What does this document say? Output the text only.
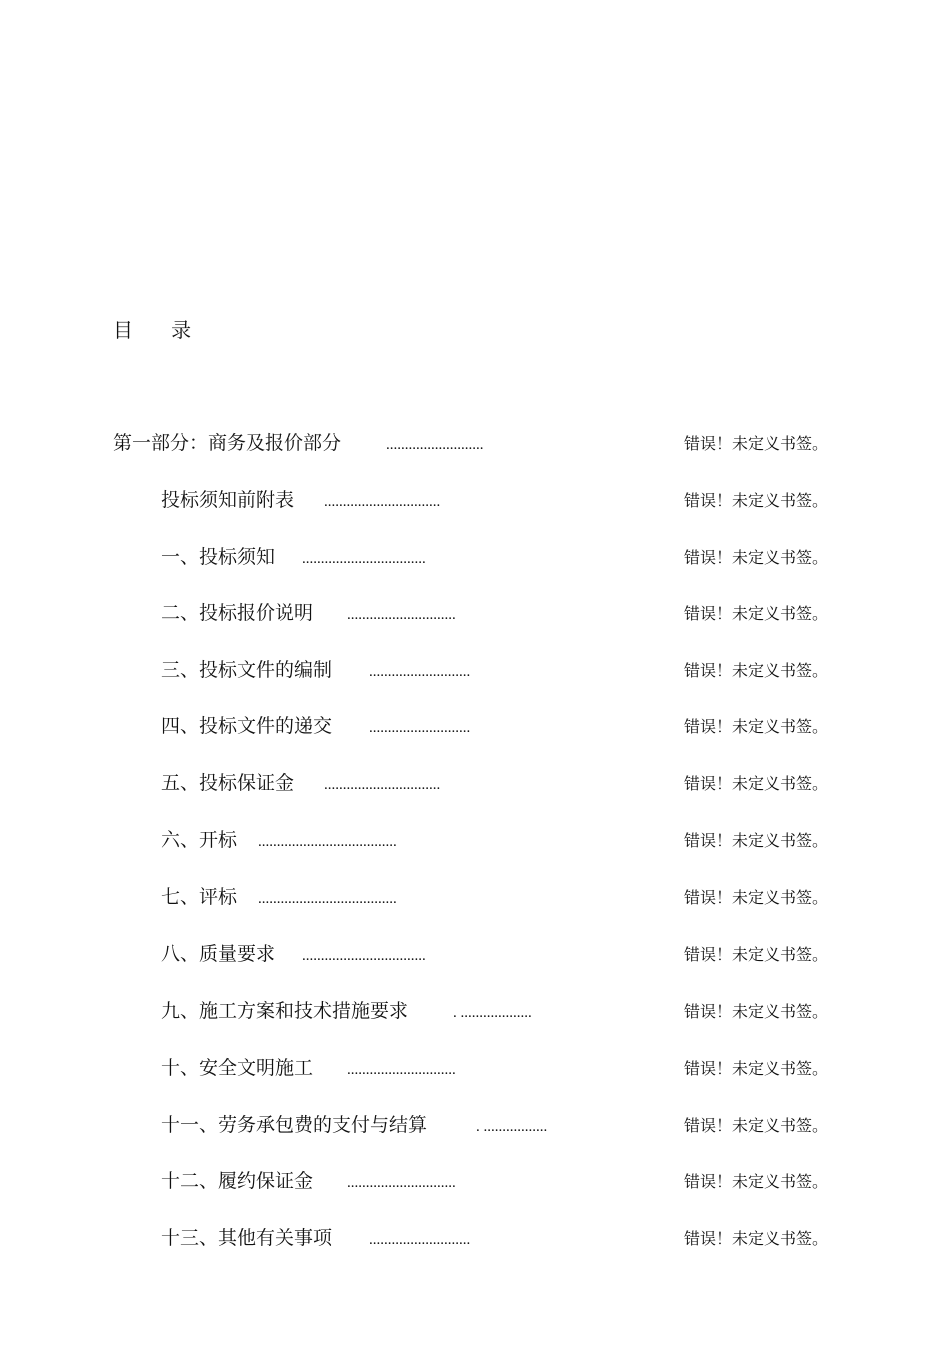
目      录
第一部分：商务及报价部分	..........................	错误！未定义书签。
投标须知前附表 ...............................	错误！未定义书签。
一、投标须知 .................................	错误！未定义书签。
二、投标报价说明 .............................	错误！未定义书签。
三、投标文件的编制 ...........................	错误！未定义书签。
四、投标文件的递交 ...........................	错误！未定义书签。
五、投标保证金 ...............................	错误！未定义书签。
六、开标 .....................................	错误！未定义书签。
七、评标 .....................................	错误！未定义书签。
八、质量要求 .................................	错误！未定义书签。
九、施工方案和技术措施要求	. ...................	错误！未定义书签。
十、安全文明施工 .............................	错误！未定义书签。
十一、劳务承包费的支付与结算	. .................	错误！未定义书签。
十二、履约保证金 .............................	错误！未定义书签。
十三、其他有关事项 ...........................	错误！未定义书签。
